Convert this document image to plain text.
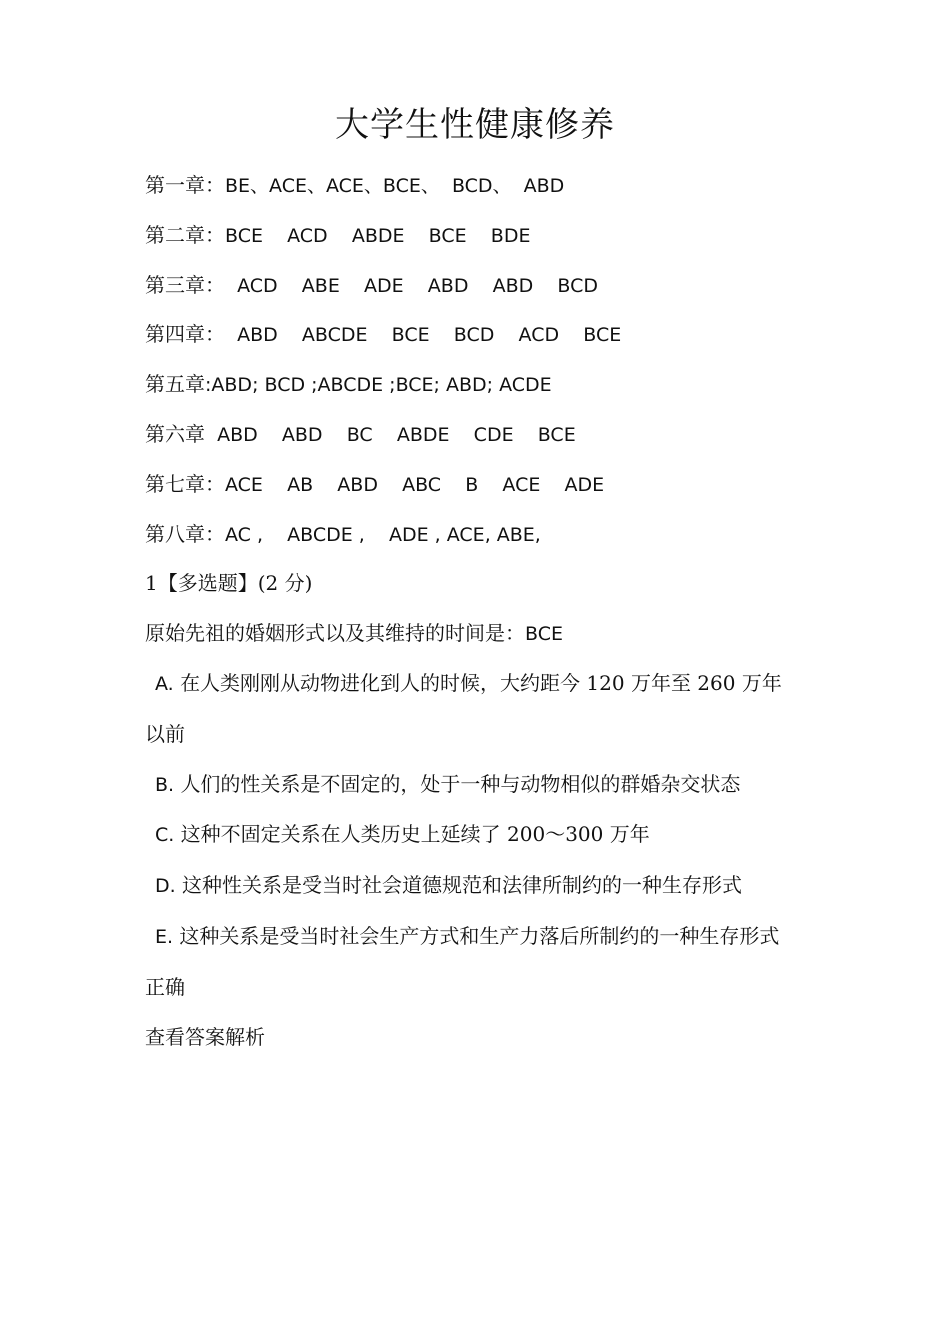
大学生性健康修养
第一章：BE、ACE、ACE、BCE、  BCD、  ABD
第二章：BCE    ACD    ABDE    BCE    BDE
第三章：  ACD    ABE    ADE    ABD    ABD    BCD
第四章：  ABD    ABCDE    BCE    BCD    ACD    BCE
第五章:ABD; BCD ;ABCDE ;BCE; ABD; ACDE
第六章  ABD    ABD    BC    ABDE    CDE    BCE
第七章：ACE    AB    ABD    ABC    B    ACE    ADE
第八章：AC ,    ABCDE ,    ADE , ACE, ABE,
1【多选题】(2 分)
原始先祖的婚姻形式以及其维持的时间是：BCE
A. 在人类刚刚从动物进化到人的时候，大约距今 120 万年至 260 万年以前
B. 人们的性关系是不固定的，处于一种与动物相似的群婚杂交状态
C. 这种不固定关系在人类历史上延续了 200～300 万年
D. 这种性关系是受当时社会道德规范和法律所制约的一种生存形式
E. 这种关系是受当时社会生产方式和生产力落后所制约的一种生存形式
正确
查看答案解析
